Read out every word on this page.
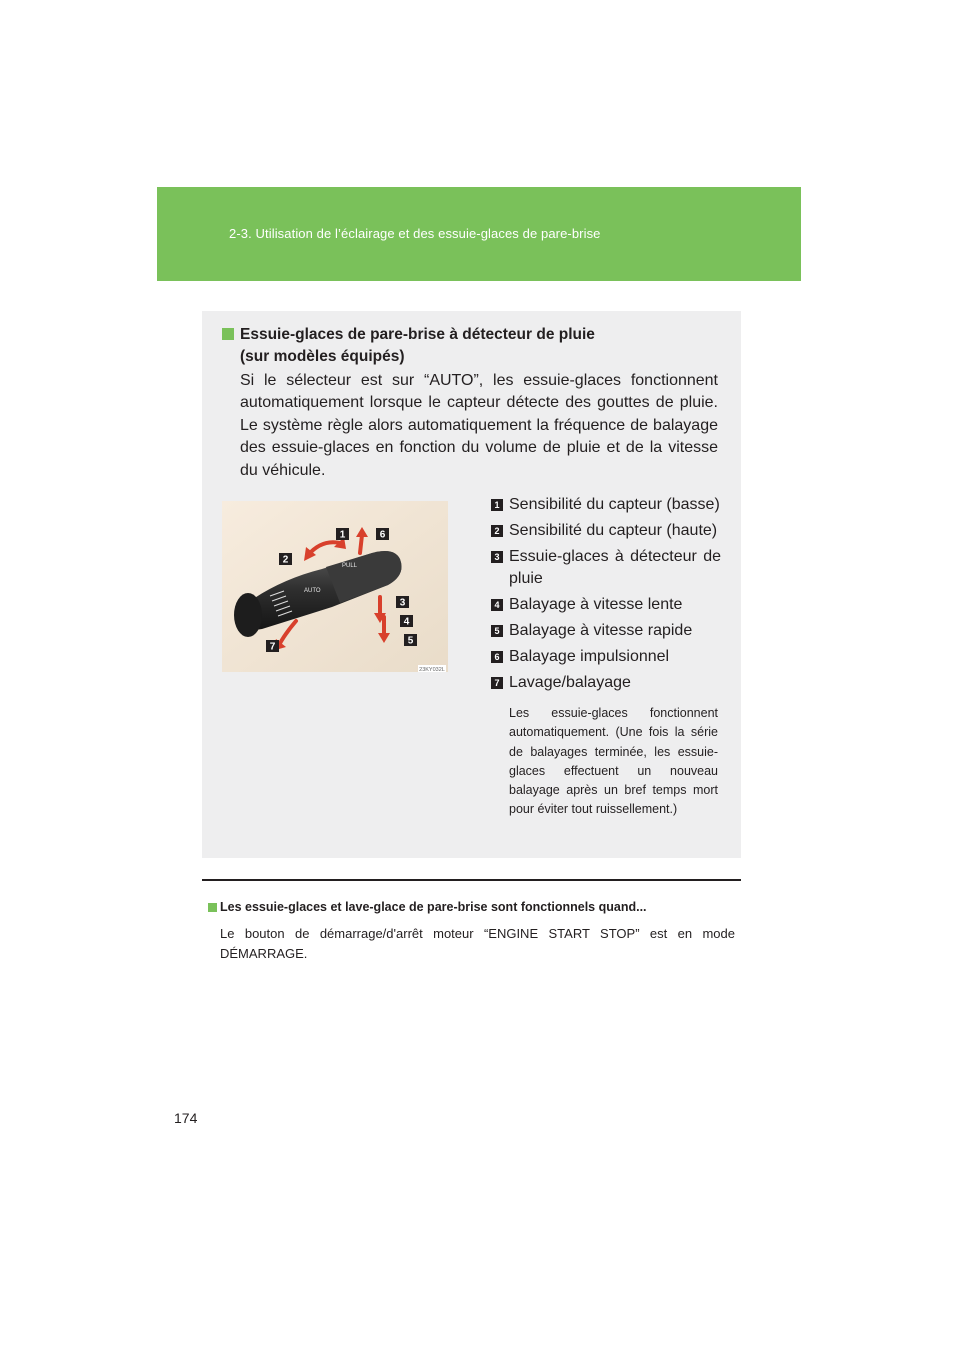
2-3. Utilisation de l’éclairage et des essuie-glaces de pare-brise
Essuie-glaces de pare-brise à détecteur de pluie
(sur modèles équipés)
Si le sélecteur est sur “AUTO”, les essuie-glaces fonctionnent automatiquement lorsque le capteur détecte des gouttes de pluie. Le système règle alors automatiquement la fréquence de balayage des essuie-glaces en fonction du volume de pluie et de la vitesse du véhicule.
PULL
AUTO
1	6
2
3
4
7
5
23KY032L
1 Sensibilité du capteur (basse)
2 Sensibilité du capteur (haute)
3 Essuie-glaces à détecteur de pluie
4 Balayage à vitesse lente
5 Balayage à vitesse rapide
6 Balayage impulsionnel
7 Lavage/balayage
Les essuie-glaces fonctionnent automatiquement. (Une fois la série de balayages terminée, les essuie-glaces effectuent un nouveau balayage après un bref temps mort pour éviter tout ruissellement.)
Les essuie-glaces et lave-glace de pare-brise sont fonctionnels quand...
Le bouton de démarrage/d'arrêt moteur “ENGINE START STOP” est en mode DÉMARRAGE.
174
